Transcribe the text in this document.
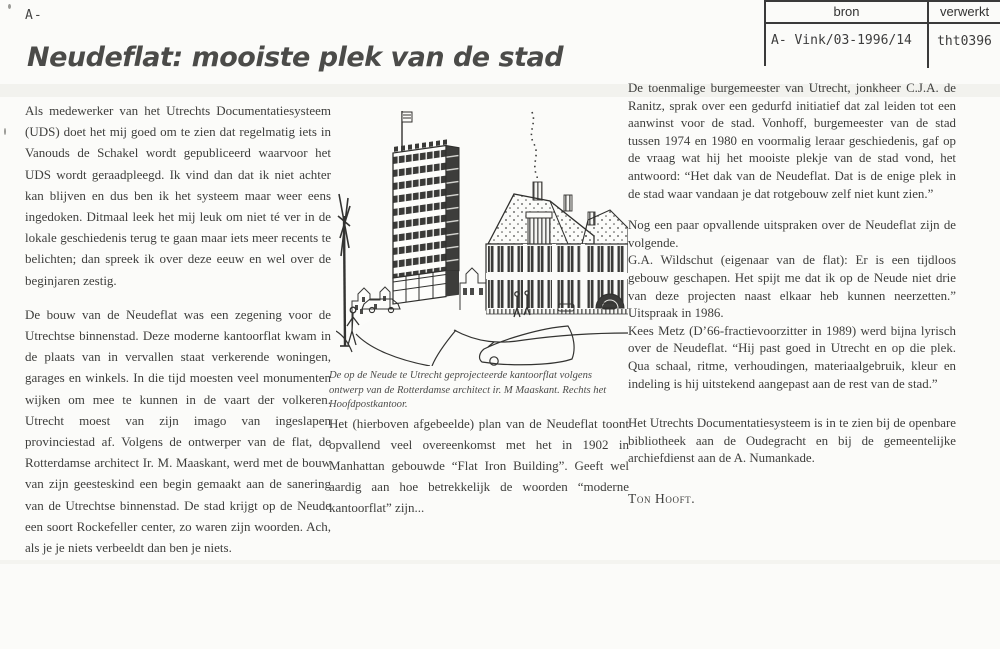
A-	bron	verwerkt
A- Vink/03-1996/14	tht0396
Neudeflat: mooiste plek van de stad

Als medewerker van het Utrechts Documentatiesysteem (UDS) doet het mij goed om te zien dat regelmatig iets in Vanouds de Schakel wordt gepubliceerd waarvoor het UDS wordt geraadpleegd. Ik vind dan dat ik niet achter kan blijven en dus ben ik het systeem maar weer eens ingedoken. Ditmaal leek het mij leuk om niet té ver in de lokale geschiedenis terug te gaan maar iets meer recents te belichten; dan spreek ik over deze eeuw en wel over de beginjaren zestig.

De bouw van de Neudeflat was een zegening voor de Utrechtse binnenstad. Deze moderne kantoorflat kwam in de plaats van in vervallen staat verkerende woningen, garages en winkels. In die tijd moesten veel monumenten wijken om mee te kunnen in de vaart der volkeren. Utrecht moest van zijn imago van ingeslapen provinciestad af. Volgens de ontwerper van de flat, de Rotterdamse architect Ir. M. Maaskant, werd met de bouw van zijn geesteskind een begin gemaakt aan de sanering van de Utrechtse binnenstad. De stad krijgt op de Neude een soort Rockefeller center, zo waren zijn woorden. Ach, als je je niets verbeeldt dan ben je niets.

De op de Neude te Utrecht geprojecteerde kantoorflat volgens ontwerp van de Rotterdamse architect ir. M Maaskant. Rechts het Hoofdpostkantoor.

Het (hierboven afgebeelde) plan van de Neudeflat toont opvallend veel overeenkomst met het in 1902 in Manhattan gebouwde “Flat Iron Building”. Geeft wel aardig aan hoe betrekkelijk de woorden “moderne kantoorflat” zijn...

De toenmalige burgemeester van Utrecht, jonkheer C.J.A. de Ranitz, sprak over een gedurfd initiatief dat zal leiden tot een aanwinst voor de stad. Vonhoff, burgemeester van de stad tussen 1974 en 1980 en voormalig leraar geschiedenis, gaf op de vraag wat hij het mooiste plekje van de stad vond, het antwoord: “Het dak van de Neudeflat. Dat is de enige plek in de stad waar vandaan je dat rotgebouw zelf niet kunt zien.”

Nog een paar opvallende uitspraken over de Neudeflat zijn de volgende.

G.A. Wildschut (eigenaar van de flat): Er is een tijdloos gebouw geschapen. Het spijt me dat ik op de Neude niet drie van deze projecten naast elkaar heb kunnen neerzetten.” Uitspraak in 1986.

Kees Metz (D’66-fractievoorzitter in 1989) werd bijna lyrisch over de Neudeflat. “Hij past goed in Utrecht en op die plek. Qua schaal, ritme, verhoudingen, materiaalgebruik, kleur en indeling is hij uitstekend aangepast aan de rest van de stad.”

Het Utrechts Documentatiesysteem is in te zien bij de openbare bibliotheek aan de Oudegracht en bij de gemeentelijke archiefdienst aan de A. Numankade.

Ton Hooft.
